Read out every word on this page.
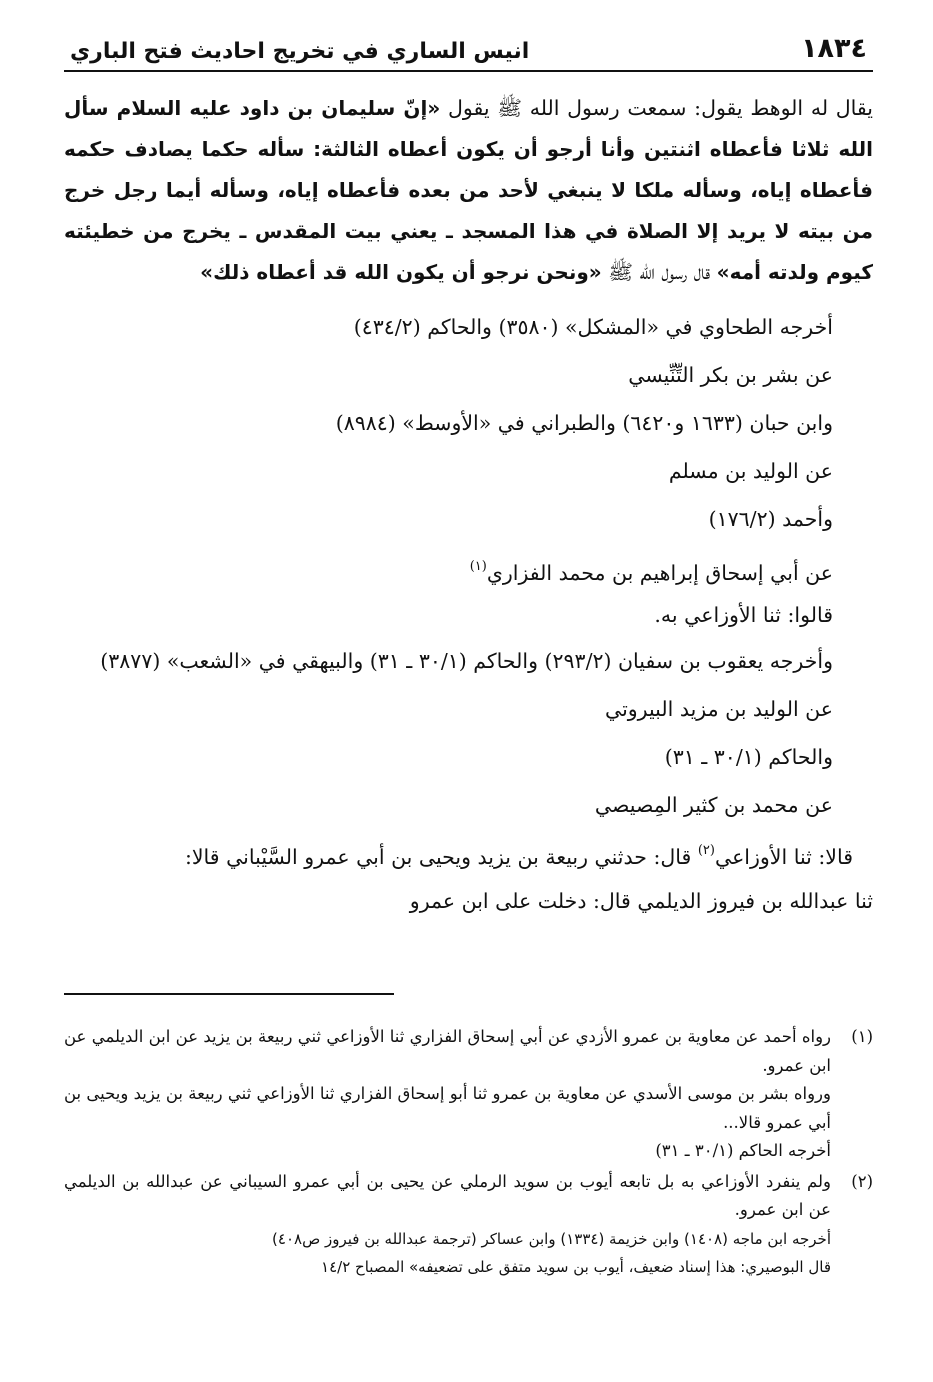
١٨٣٤
انيس الساري في تخريج احاديث فتح الباري
يقال له الوهط يقول: سمعت رسول الله ﷺ يقول «إنّ سليمان بن داود عليه السلام سأل الله ثلاثا فأعطاه اثنتين وأنا أرجو أن يكون أعطاه الثالثة: سأله حكما يصادف حكمه فأعطاه إياه، وسأله ملكا لا ينبغي لأحد من بعده فأعطاه إياه، وسأله أيما رجل خرج من بيته لا يريد إلا الصلاة في هذا المسجد ـ يعني بيت المقدس ـ يخرج من خطيئته كيوم ولدته أمه» قال رسول الله ﷺ «ونحن نرجو أن يكون الله قد أعطاه ذلك»
أخرجه الطحاوي في «المشكل» (٣٥٨٠) والحاكم (٤٣٤/٢)
عن بشر بن بكر التِّنِّيسي
وابن حبان (١٦٣٣ و٦٤٢٠) والطبراني في «الأوسط» (٨٩٨٤)
عن الوليد بن مسلم
وأحمد (١٧٦/٢)
عن أبي إسحاق إبراهيم بن محمد الفزاري$^{(١)}$
قالوا: ثنا الأوزاعي به.
وأخرجه يعقوب بن سفيان (٢٩٣/٢) والحاكم (٣٠/١ ـ ٣١) والبيهقي في «الشعب» (٣٨٧٧)
عن الوليد بن مزيد البيروتي
والحاكم (٣٠/١ ـ ٣١)
عن محمد بن كثير المِصيصي
قالا: ثنا الأوزاعي$^{(٢)}$ قال: حدثني ربيعة بن يزيد ويحيى بن أبي عمرو السَّيْباني قالا:
ثنا عبدالله بن فيروز الديلمي قال: دخلت على ابن عمرو
(١)
رواه أحمد عن معاوية بن عمرو الأزدي عن أبي إسحاق الفزاري ثنا الأوزاعي ثني ربيعة بن يزيد عن ابن الديلمي عن ابن عمرو.
ورواه بشر بن موسى الأسدي عن معاوية بن عمرو ثنا أبو إسحاق الفزاري ثنا الأوزاعي ثني ربيعة بن يزيد ويحيى بن أبي عمرو قالا...
أخرجه الحاكم (٣٠/١ ـ ٣١)
(٢)
ولم ينفرد الأوزاعي به بل تابعه أيوب بن سويد الرملي عن يحيى بن أبي عمرو السيباني عن عبدالله بن الديلمي عن ابن عمرو.
أخرجه ابن ماجه (١٤٠٨) وابن خزيمة (١٣٣٤) وابن عساكر (ترجمة عبدالله بن فيروز ص٤٠٨)
قال البوصيري: هذا إسناد ضعيف، أيوب بن سويد متفق على تضعيفه» المصباح ١٤/٢
